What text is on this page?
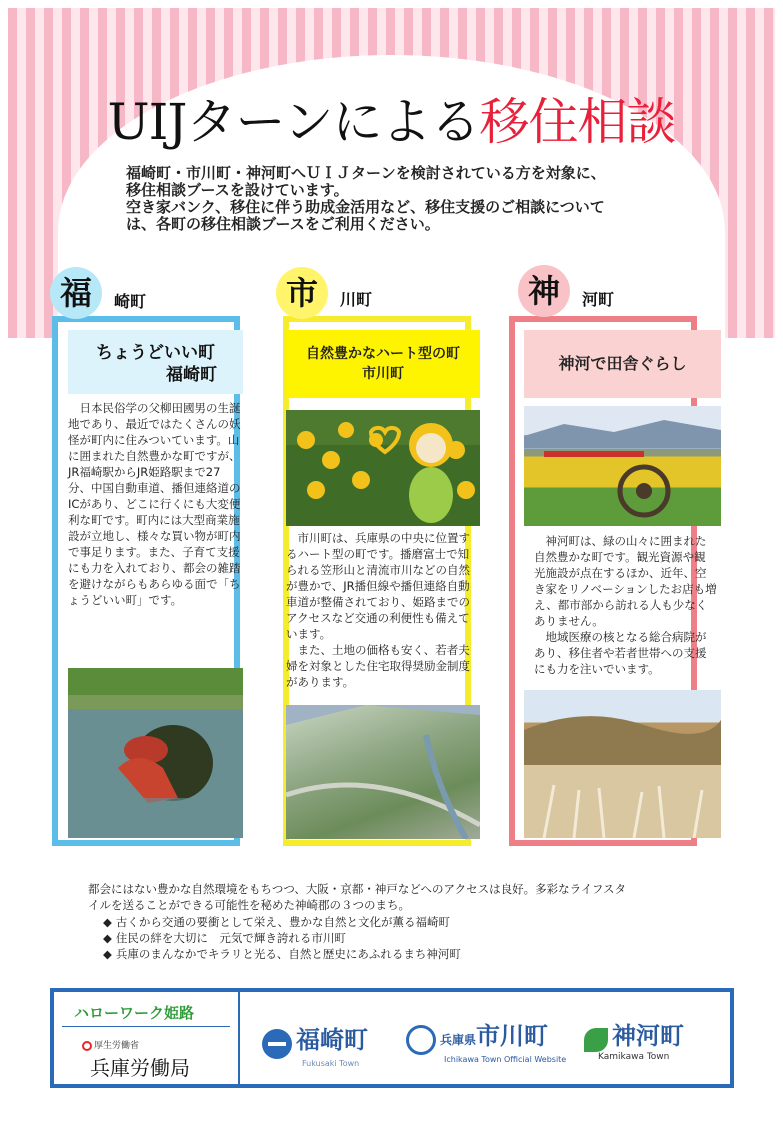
UIJターンによる移住相談

福崎町・市川町・神河町へＵＩＪターンを検討されている方を対象に、

移住相談ブースを設けています。

空き家バンク、移住に伴う助成金活用など、移住支援のご相談について

は、各町の移住相談ブースをご利用ください。

福	崎町	市	川町	神	河町
ちょうどいい町
福崎町
自然豊かなハート型の町
市川町
神河で田舎ぐらし

　日本民俗学の父柳田國男の生誕地であり、最近ではたくさんの妖怪が町内に住みついています。山に囲まれた自然豊かな町ですが、JR福崎駅からJR姫路駅まで27分、中国自動車道、播但連絡道のICがあり、どこに行くにも大変便利な町です。町内には大型商業施設が立地し、様々な買い物が町内で事足ります。また、子育て支援にも力を入れており、都会の雑踏を避けながらもあらゆる面で「ちょうどいい町」です。

　市川町は、兵庫県の中央に位置するハート型の町です。播磨富士で知られる笠形山と清流市川などの自然が豊かで、JR播但線や播但連絡自動車道が整備されており、姫路までのアクセスなど交通の利便性も備えています。

　また、土地の価格も安く、若者夫婦を対象とした住宅取得奨励金制度があります。

　神河町は、緑の山々に囲まれた自然豊かな町です。観光資源や観光施設が点在するほか、近年、空き家をリノベーションしたお店も増え、都市部から訪れる人も少なくありません。

　地域医療の核となる総合病院があり、移住者や若者世帯への支援にも力を注いでいます。

都会にはない豊かな自然環境をもちつつ、大阪・京都・神戸などへのアクセスは良好。多彩なライフスタイルを送ることができる可能性を秘めた神崎郡の３つのまち。

◆ 古くから交通の要衝として栄え、豊かな自然と文化が薫る福崎町
◆ 住民の絆を大切に　元気で輝き誇れる市川町
◆ 兵庫のまんなかでキラリと光る、自然と歴史にあふれるまち神河町
ハローワーク姫路
厚生労働省
兵庫労働局
福崎町
Fukusaki Town
兵庫県市川町
Ichikawa Town Official Website
神河町
Kamikawa Town
